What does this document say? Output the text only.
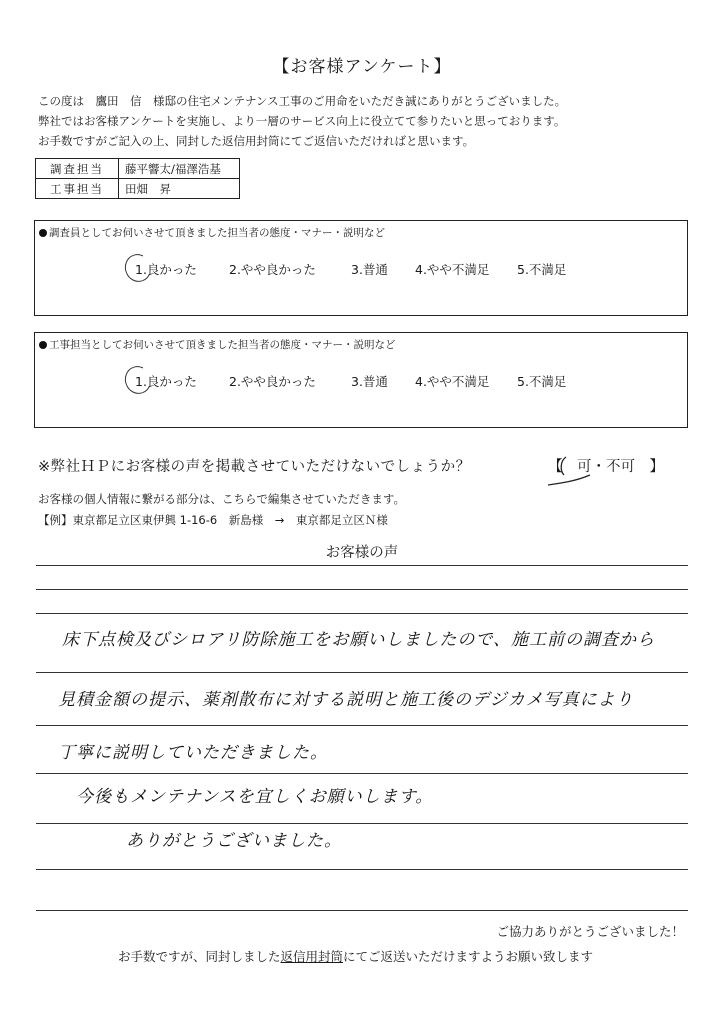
【お客様アンケート】
この度は　鷹田　信　様邸の住宅メンテナンス工事のご用命をいただき誠にありがとうございました。
弊社ではお客様アンケートを実施し、より一層のサービス向上に役立てて参りたいと思っております。
お手数ですがご記入の上、同封した返信用封筒にてご返信いただければと思います。
調査担当	藤平響太/福澤浩基
工事担当	田畑　昇
調査員としてお伺いさせて頂きました担当者の態度・マナー・説明など
1.良かった	2.やや良かった	3.普通 4.やや不満足 5.不満足
工事担当としてお伺いさせて頂きました担当者の態度・マナー・説明など
1.良かった	2.やや良かった	3.普通 4.やや不満足 5.不満足
※弊社ＨＰにお客様の声を掲載させていただけないでしょうか？	【　可・不可　】
お客様の個人情報に繋がる部分は、こちらで編集させていただきます。
【例】東京都足立区東伊興 1-16-6　新島様　→　東京都足立区Ｎ様
お客様の声
床下点検及びシロアリ防除施工をお願いしましたので、施工前の調査から
見積金額の提示、薬剤散布に対する説明と施工後のデジカメ写真により
丁寧に説明していただきました。
今後もメンテナンスを宜しくお願いします。
ありがとうございました。
ご協力ありがとうございました！
お手数ですが、同封しました返信用封筒にてご返送いただけますようお願い致します
